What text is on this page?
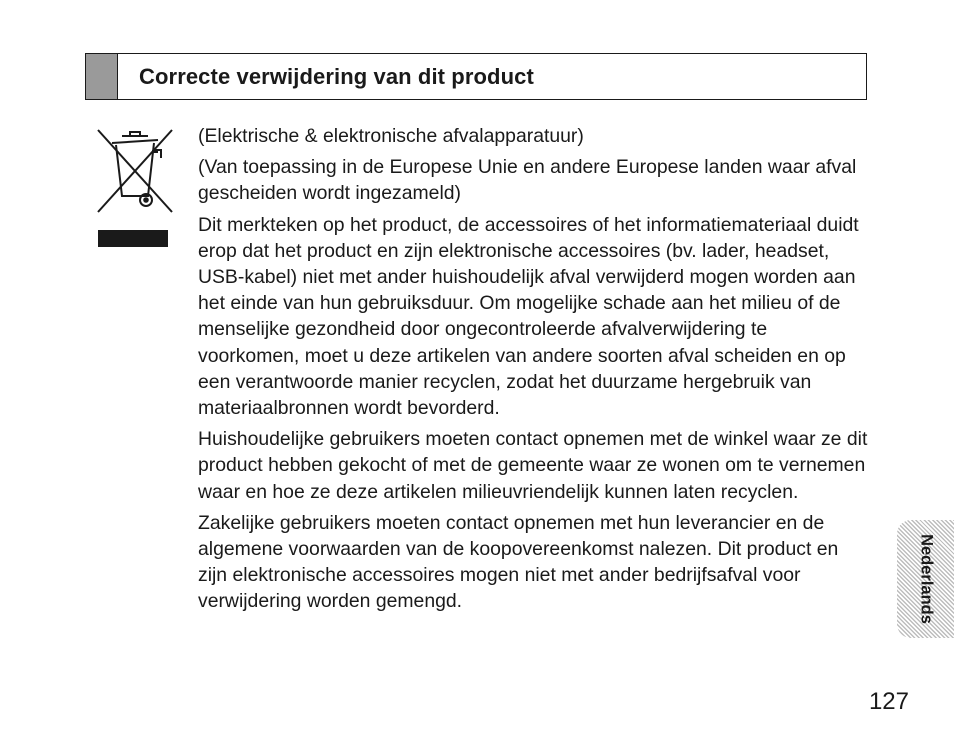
Correcte verwijdering van dit product

(Elektrische & elektronische afvalapparatuur)

(Van toepassing in de Europese Unie en andere Europese landen waar afval gescheiden wordt ingezameld)

Dit merkteken op het product, de accessoires of het informatiemateriaal duidt erop dat het product en zijn elektronische accessoires (bv. lader, headset, USB-kabel) niet met ander huishoudelijk afval verwijderd mogen worden aan het einde van hun gebruiksduur. Om mogelijke schade aan het milieu of de menselijke gezondheid door ongecontroleerde afvalverwijdering te voorkomen, moet u deze artikelen van andere soorten afval scheiden en op een verantwoorde manier recyclen, zodat het duurzame hergebruik van materiaalbronnen wordt bevorderd.

Huishoudelijke gebruikers moeten contact opnemen met de winkel waar ze dit product hebben gekocht of met de gemeente waar ze wonen om te vernemen waar en hoe ze deze artikelen milieuvriendelijk kunnen laten recyclen.

Zakelijke gebruikers moeten contact opnemen met hun leverancier en de algemene voorwaarden van de koopovereenkomst nalezen. Dit product en zijn elektronische accessoires mogen niet met ander bedrijfsafval voor verwijdering worden gemengd.	Nederlands
127
